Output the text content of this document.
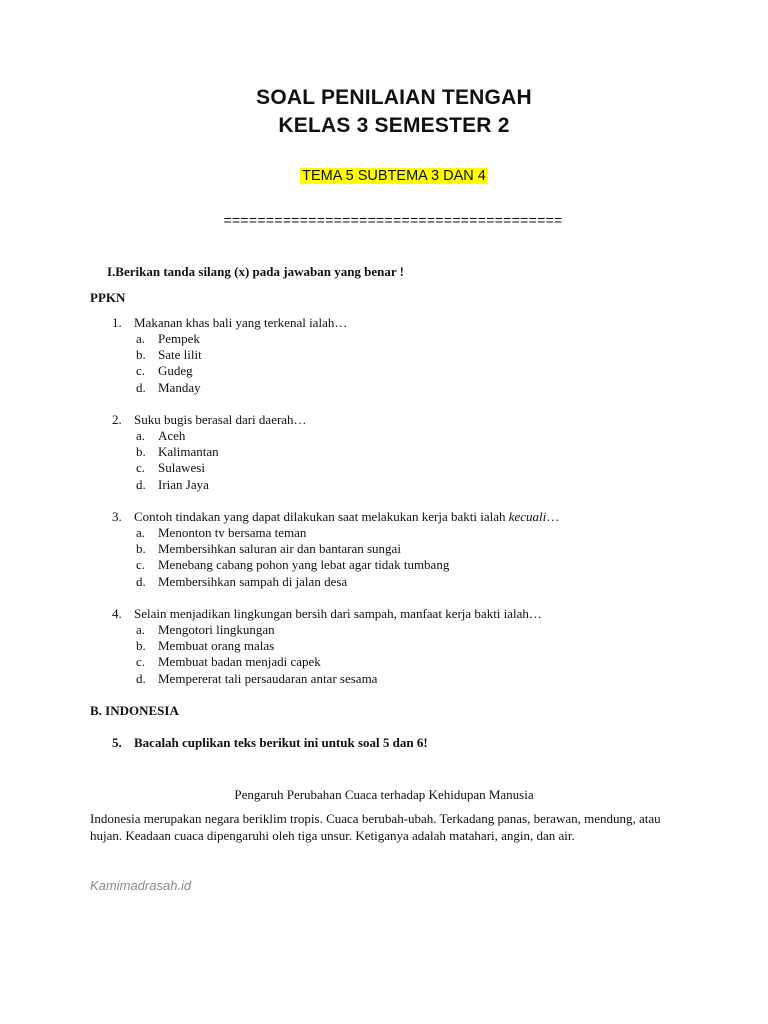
SOAL PENILAIAN TENGAH
KELAS 3 SEMESTER 2
TEMA 5 SUBTEMA 3 DAN 4
========================================
I.Berikan tanda silang (x) pada jawaban yang benar !
PPKN
1. Makanan khas bali yang terkenal ialah…
a. Pempek
b. Sate lilit
c. Gudeg
d. Manday
2. Suku bugis berasal dari daerah…
a. Aceh
b. Kalimantan
c. Sulawesi
d. Irian Jaya
3. Contoh tindakan yang dapat dilakukan saat melakukan kerja bakti ialah kecuali…
a. Menonton tv bersama teman
b. Membersihkan saluran air dan bantaran sungai
c. Menebang cabang pohon yang lebat agar tidak tumbang
d. Membersihkan sampah di jalan desa
4. Selain menjadikan lingkungan bersih dari sampah, manfaat kerja bakti ialah…
a. Mengotori lingkungan
b. Membuat orang malas
c. Membuat badan menjadi capek
d. Mempererat tali persaudaran antar sesama
B. INDONESIA
5. Bacalah cuplikan teks berikut ini untuk soal 5 dan 6!
Pengaruh Perubahan Cuaca terhadap Kehidupan Manusia
Indonesia merupakan negara beriklim tropis. Cuaca berubah-ubah. Terkadang panas, berawan, mendung, atau hujan. Keadaan cuaca dipengaruhi oleh tiga unsur. Ketiganya adalah matahari, angin, dan air.
Kamimadrasah.id
